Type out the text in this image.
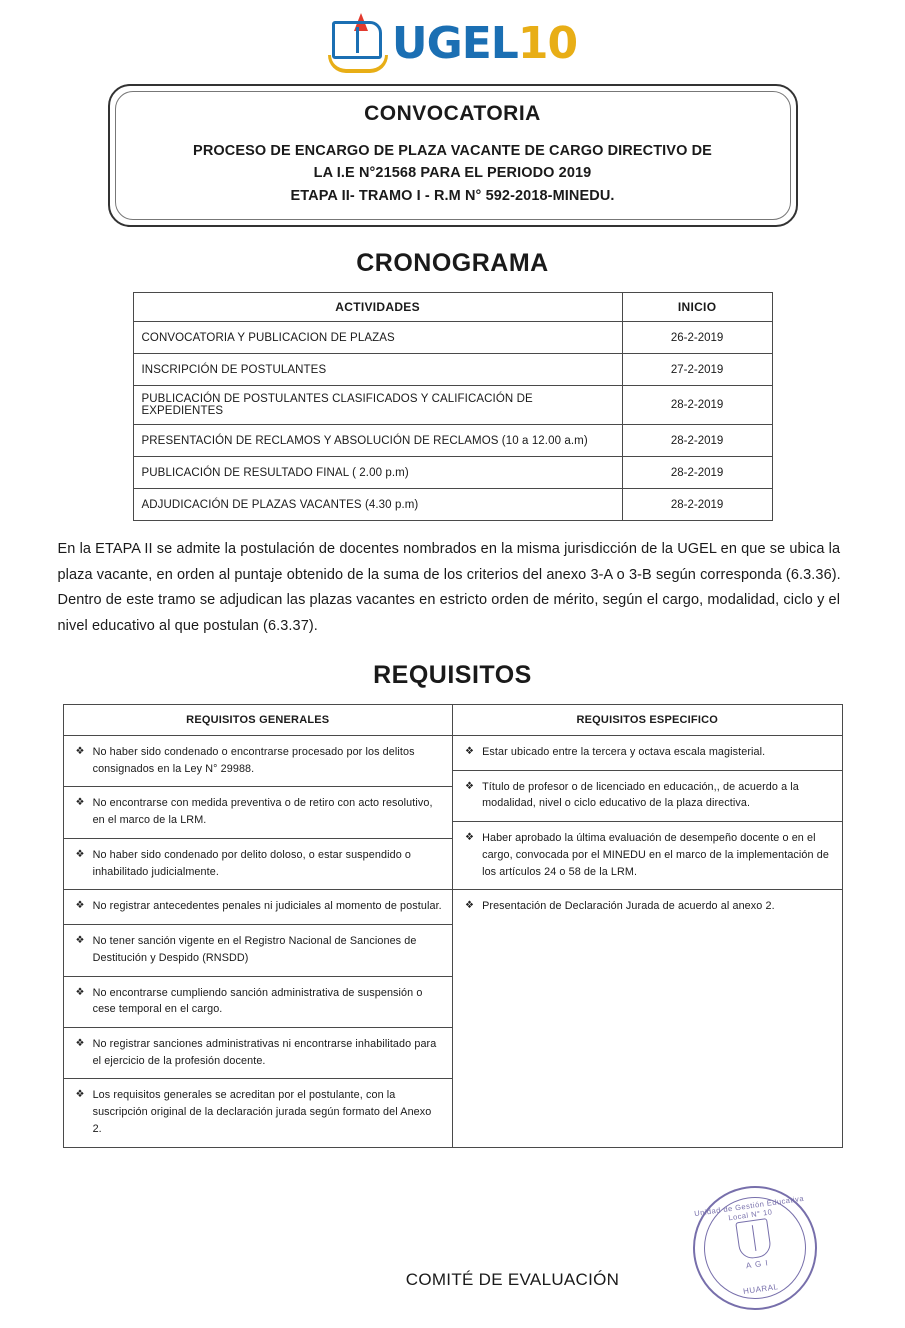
UGEL10
CONVOCATORIA
PROCESO DE ENCARGO DE PLAZA VACANTE DE CARGO DIRECTIVO DE
LA I.E N°21568 PARA EL PERIODO 2019
ETAPA II- TRAMO I - R.M N° 592-2018-MINEDU.
CRONOGRAMA
ACTIVIDADES	INICIO
CONVOCATORIA Y PUBLICACION DE PLAZAS	26-2-2019
INSCRIPCIÓN DE POSTULANTES	27-2-2019
PUBLICACIÓN DE POSTULANTES CLASIFICADOS Y CALIFICACIÓN DE EXPEDIENTES	28-2-2019
PRESENTACIÓN DE RECLAMOS Y ABSOLUCIÓN DE RECLAMOS (10 a 12.00 a.m)	28-2-2019
PUBLICACIÓN DE RESULTADO FINAL ( 2.00 p.m)	28-2-2019
ADJUDICACIÓN DE PLAZAS VACANTES (4.30 p.m)	28-2-2019

En la ETAPA II se admite la postulación de docentes nombrados en la misma jurisdicción de la UGEL en que se ubica la plaza vacante, en orden al puntaje obtenido de la suma de los criterios del anexo 3-A o 3-B según corresponda (6.3.36).

Dentro de este tramo se adjudican las plazas vacantes en estricto orden de mérito, según el cargo, modalidad, ciclo y el nivel educativo al que postulan (6.3.37).

REQUISITOS
REQUISITOS GENERALES	REQUISITOS ESPECIFICO

❖ No haber sido condenado o encontrarse procesado por los delitos consignados en la Ley N° 29988.
❖ No encontrarse con medida preventiva o de retiro con acto resolutivo, en el marco de la LRM.
❖ No haber sido condenado por delito doloso, o estar suspendido o inhabilitado judicialmente.
❖ No registrar antecedentes penales ni judiciales al momento de postular.
❖ No tener sanción vigente en el Registro Nacional de Sanciones de Destitución y Despido (RNSDD)
❖ No encontrarse cumpliendo sanción administrativa de suspensión o cese temporal en el cargo.
❖ No registrar sanciones administrativas ni encontrarse inhabilitado para el ejercicio de la profesión docente.
❖ Los requisitos generales se acreditan por el postulante, con la suscripción original de la declaración jurada según formato del Anexo 2.

❖ Estar ubicado entre la tercera y octava escala magisterial.
❖ Título de profesor o de licenciado en educación,, de acuerdo a la modalidad, nivel o ciclo educativo de la plaza directiva.
❖ Haber aprobado la última evaluación de desempeño docente o en el cargo, convocada por el MINEDU en el marco de la implementación de los artículos 24 o 58 de la LRM.
❖ Presentación de Declaración Jurada de acuerdo al anexo 2.
COMITÉ DE EVALUACIÓN
Unidad de Gestión Educativa Local N° 10
A G I
HUARAL
